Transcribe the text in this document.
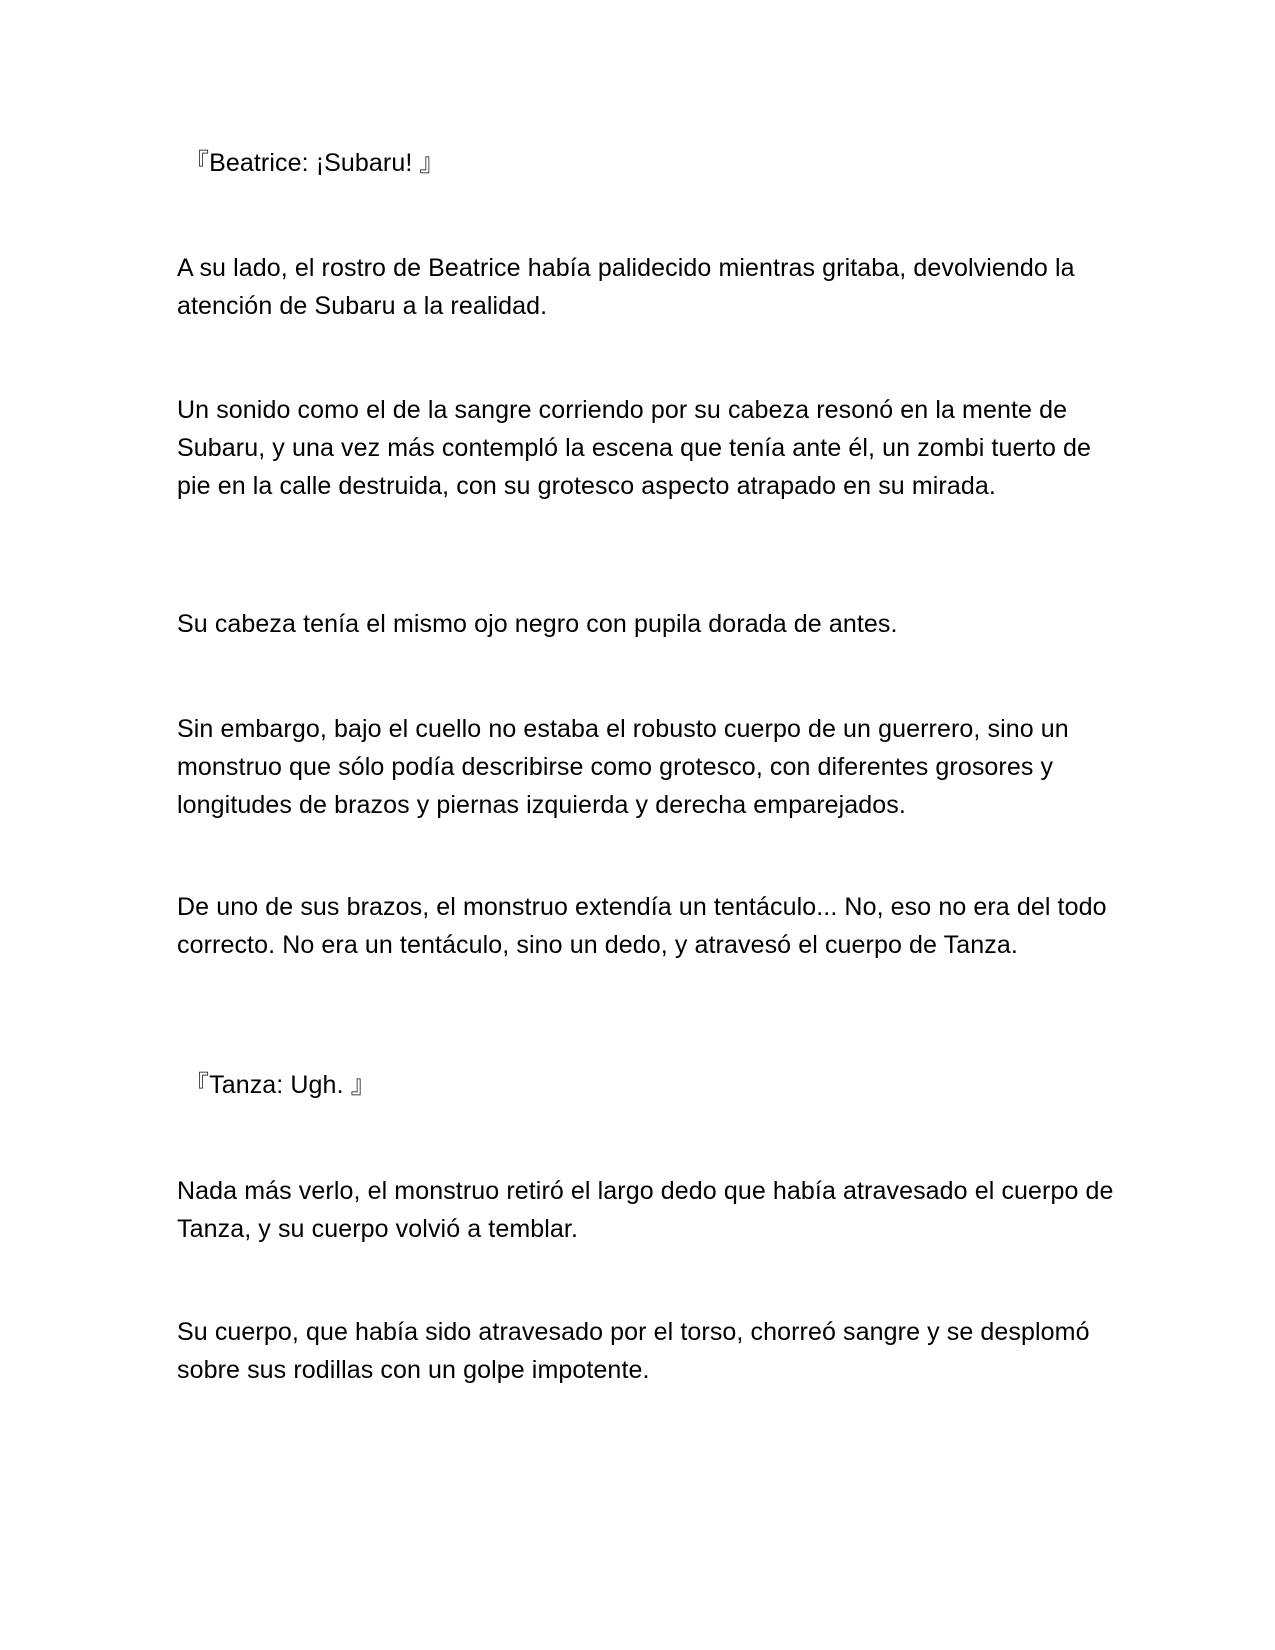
『Beatrice: ¡Subaru! 』

A su lado, el rostro de Beatrice había palidecido mientras gritaba, devolviendo la atención de Subaru a la realidad.

Un sonido como el de la sangre corriendo por su cabeza resonó en la mente de Subaru, y una vez más contempló la escena que tenía ante él, un zombi tuerto de pie en la calle destruida, con su grotesco aspecto atrapado en su mirada.

Su cabeza tenía el mismo ojo negro con pupila dorada de antes.

Sin embargo, bajo el cuello no estaba el robusto cuerpo de un guerrero, sino un monstruo que sólo podía describirse como grotesco, con diferentes grosores y longitudes de brazos y piernas izquierda y derecha emparejados.

De uno de sus brazos, el monstruo extendía un tentáculo... No, eso no era del todo correcto. No era un tentáculo, sino un dedo, y atravesó el cuerpo de Tanza.

『Tanza: Ugh. 』

Nada más verlo, el monstruo retiró el largo dedo que había atravesado el cuerpo de Tanza, y su cuerpo volvió a temblar.

Su cuerpo, que había sido atravesado por el torso, chorreó sangre y se desplomó sobre sus rodillas con un golpe impotente.
